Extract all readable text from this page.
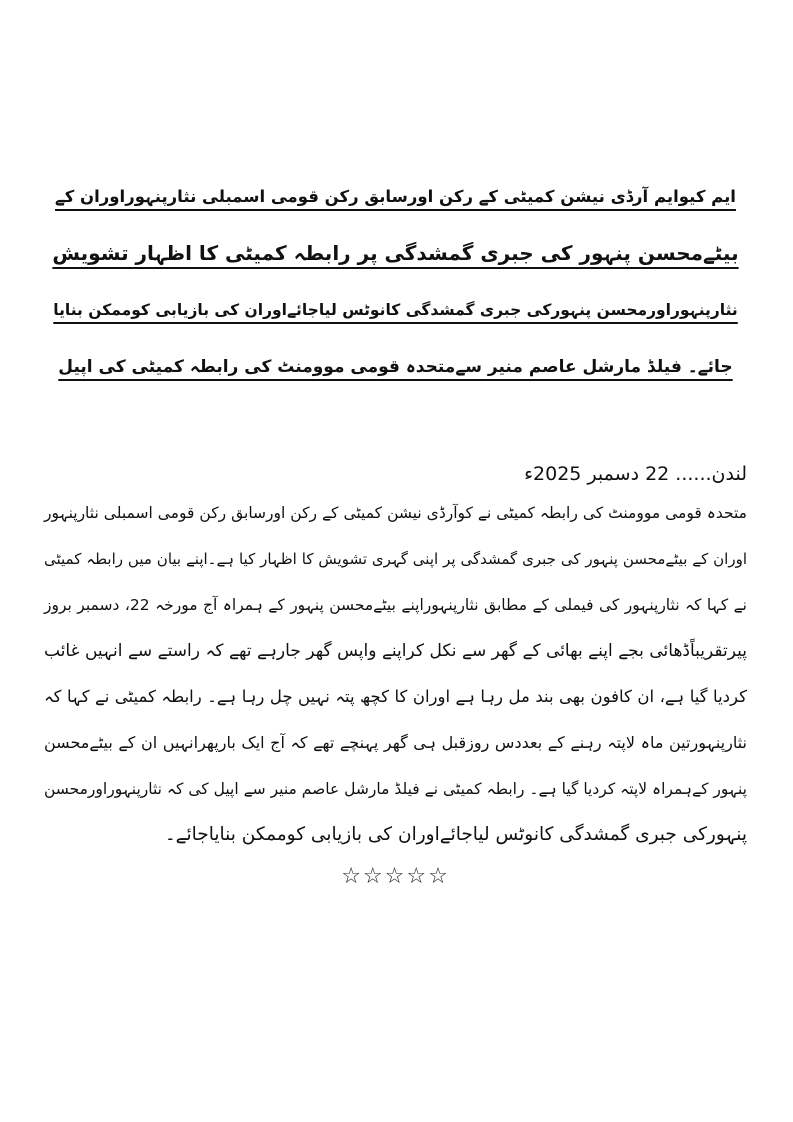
ایم کیوایم آرڈی نیشن کمیٹی کے رکن اورسابق رکن قومی اسمبلی نثارپنہوراوران کے
بیٹےمحسن پنہور کی جبری گمشدگی پر رابطہ کمیٹی کا اظہار تشویش
نثارپنہوراورمحسن پنہورکی جبری گمشدگی کانوٹس لیاجائےاوران کی بازیابی کوممکن بنایا
جائے۔ فیلڈ مارشل عاصم منیر سےمتحدہ قومی موومنٹ کی رابطہ کمیٹی کی اپیل
لندن...... 22 دسمبر 2025ء
متحدہ قومی موومنٹ کی رابطہ کمیٹی نے کوآرڈی نیشن کمیٹی کے رکن اورسابق رکن قومی اسمبلی نثارپنہور
اوران کے بیٹےمحسن پنہور کی جبری گمشدگی پر اپنی گہری تشویش کا اظہار کیا ہے۔اپنے بیان میں رابطہ کمیٹی
نے کہا کہ نثارپنہور کی فیملی کے مطابق نثارپنہوراپنے بیٹےمحسن پنہور کے ہمراہ آج مورخہ 22، دسمبر بروز
پیرتقریباًڈھائی بجے اپنے بھائی کے گھر سے نکل کراپنے واپس گھر جارہے تھے کہ راستے سے انہیں غائب
کردیا گیا ہے، ان کافون بھی بند مل رہا ہے اوران کا کچھ پتہ نہیں چل رہا ہے۔ رابطہ کمیٹی نے کہا کہ
نثارپنہورتین ماہ لاپتہ رہنے کے بعددس روزقبل ہی گھر پہنچے تھے کہ آج ایک بارپھرانہیں ان کے بیٹےمحسن
پنہور کےہمراہ لاپتہ کردیا گیا ہے۔ رابطہ کمیٹی نے فیلڈ مارشل عاصم منیر سے اپیل کی کہ نثارپنہوراورمحسن
پنہورکی جبری گمشدگی کانوٹس لیاجائےاوران کی بازیابی کوممکن بنایاجائے۔
☆☆☆☆☆
